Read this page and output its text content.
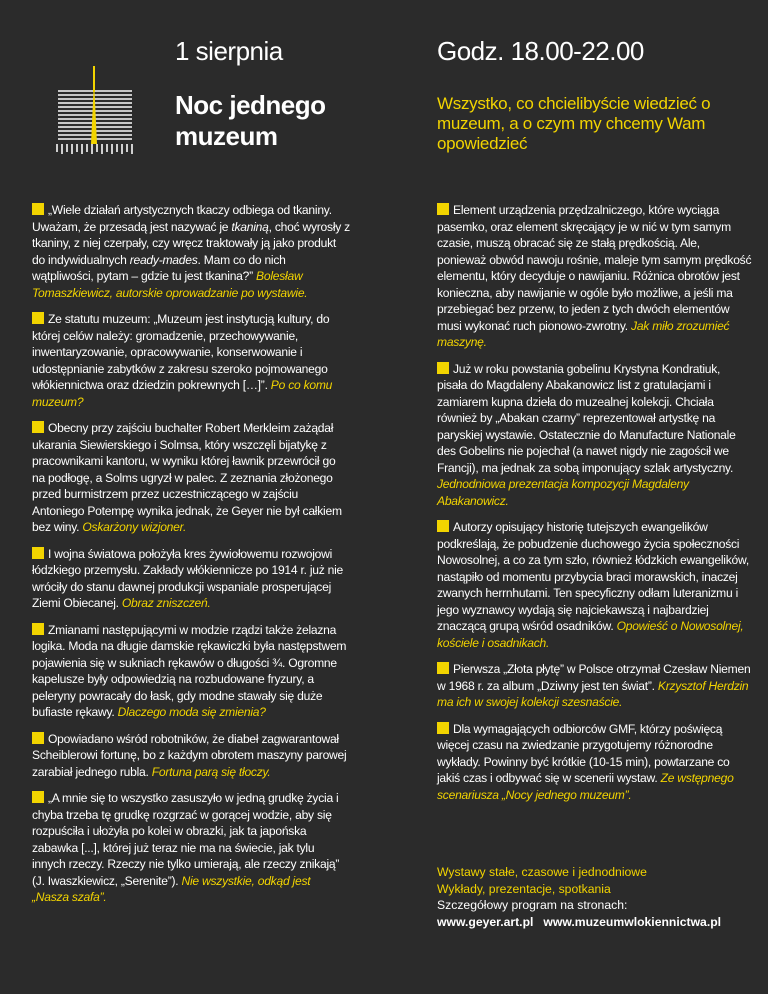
1 sierpnia
Noc jednego muzeum
Godz. 18.00-22.00
Wszystko, co chcielibyście wiedzieć o muzeum, a o czym my chcemy Wam opowiedzieć

„Wiele działań artystycznych tkaczy odbiega od tkaniny. Uważam, że przesadą jest nazywać je tkaniną, choć wyrosły z tkaniny, z niej czerpały, czy wręcz traktowały ją jako produkt do indywidualnych ready-mades. Mam co do nich wątpliwości, pytam – gdzie tu jest tkanina?” Bolesław Tomaszkiewicz, autorskie oprowadzanie po wystawie.

Ze statutu muzeum: „Muzeum jest instytucją kultury, do której celów należy: gromadzenie, przechowywanie, inwentaryzowanie, opracowywanie, konserwowanie i udostępnianie zabytków z zakresu szeroko pojmowanego włókiennictwa oraz dziedzin pokrewnych […]”. Po co komu muzeum?

Obecny przy zajściu buchalter Robert Merkleim zażądał ukarania Siewierskiego i Solmsa, który wszczęli bijatykę z pracownikami kantoru, w wyniku której ławnik przewrócił go na podłogę, a Solms ugryzł w palec. Z zeznania złożonego przed burmistrzem przez uczestniczącego w zajściu Antoniego Potempę wynika jednak, że Geyer nie był całkiem bez winy. Oskarżony wizjoner.

I wojna światowa położyła kres żywiołowemu rozwojowi łódzkiego przemysłu. Zakłady włókiennicze po 1914 r. już nie wróciły do stanu dawnej produkcji wspaniale prosperującej Ziemi Obiecanej. Obraz zniszczeń.

Zmianami następującymi w modzie rządzi także żelazna logika. Moda na długie damskie rękawiczki była następstwem pojawienia się w sukniach rękawów o długości ¾. Ogromne kapelusze były odpowiedzią na rozbudowane fryzury, a peleryny powracały do łask, gdy modne stawały się duże bufiaste rękawy. Dlaczego moda się zmienia?

Opowiadano wśród robotników, że diabeł zagwarantował Scheiblerowi fortunę, bo z każdym obrotem maszyny parowej zarabiał jednego rubla. Fortuna parą się tłoczy.

„A mnie się to wszystko zasuszyło w jedną grudkę życia i chyba trzeba tę grudkę rozgrzać w gorącej wodzie, aby się rozpuściła i ułożyła po kolei w obrazki, jak ta japońska zabawka [...], której już teraz nie ma na świecie, jak tylu innych rzeczy. Rzeczy nie tylko umierają, ale rzeczy znikają” (J. Iwaszkiewicz, „Serenite”). Nie wszystkie, odkąd jest „Nasza szafa”.

Element urządzenia przędzalniczego, które wyciąga pasemko, oraz element skręcający je w nić w tym samym czasie, muszą obracać się ze stałą prędkością. Ale, ponieważ obwód nawoju rośnie, maleje tym samym prędkość elementu, który decyduje o nawijaniu. Różnica obrotów jest konieczna, aby nawijanie w ogóle było możliwe, a jeśli ma przebiegać bez przerw, to jeden z tych dwóch elementów musi wykonać ruch pionowo-zwrotny. Jak miło zrozumieć maszynę.

Już w roku powstania gobelinu Krystyna Kondratiuk, pisała do Magdaleny Abakanowicz list z gratulacjami i zamiarem kupna dzieła do muzealnej kolekcji. Chciała również by „Abakan czarny” reprezentował artystkę na paryskiej wystawie. Ostatecznie do Manufacture Nationale des Gobelins nie pojechał (a nawet nigdy nie zagościł we Francji), ma jednak za sobą imponujący szlak artystyczny. Jednodniowa prezentacja kompozycji Magdaleny Abakanowicz.

Autorzy opisujący historię tutejszych ewangelików podkreślają, że pobudzenie duchowego życia społeczności Nowosolnej, a co za tym szło, również łódzkich ewangelików, nastąpiło od momentu przybycia braci morawskich, inaczej zwanych herrnhutami. Ten specyficzny odłam luteranizmu i jego wyznawcy wydają się najciekawszą i najbardziej znaczącą grupą wśród osadników. Opowieść o Nowosolnej, kościele i osadnikach.

Pierwsza „Złota płytę” w Polsce otrzymał Czesław Niemen w 1968 r. za album „Dziwny jest ten świat”. Krzysztof Herdzin ma ich w swojej kolekcji szesnaście.

Dla wymagających odbiorców GMF, którzy poświęcą więcej czasu na zwiedzanie przygotujemy różnorodne wykłady. Powinny być krótkie (10-15 min), powtarzane co jakiś czas i odbywać się w scenerii wystaw. Ze wstępnego scenariusza „Nocy jednego muzeum”.

Wystawy stałe, czasowe i jednodniowe
Wykłady, prezentacje, spotkania
Szczegółowy program na stronach:
www.geyer.art.pl www.muzeumwlokiennictwa.pl
